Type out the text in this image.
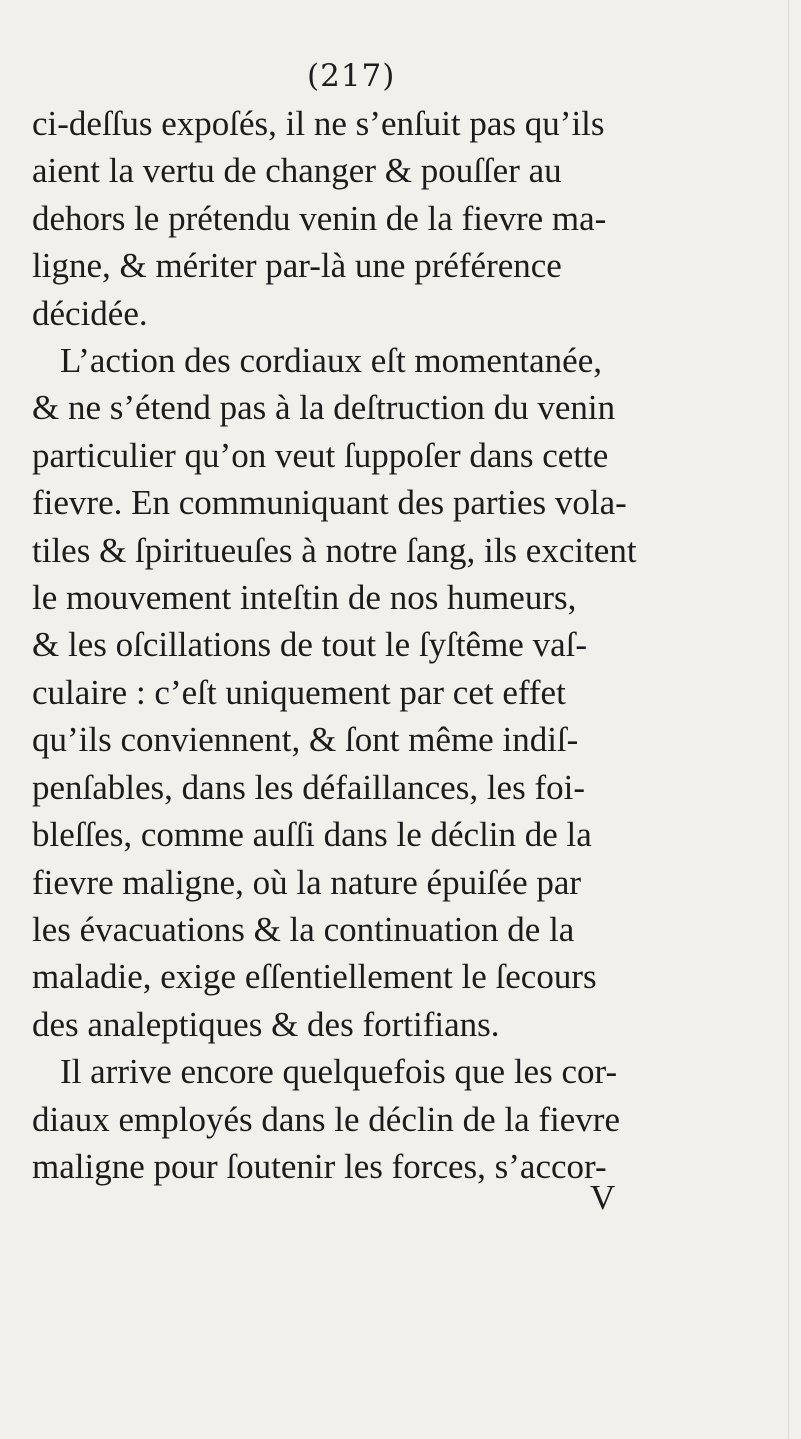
(217)
ci-deſſus expoſés, il ne s’enſuit pas qu’ils
aient la vertu de changer & pouſſer au
dehors le prétendu venin de la fievre ma-
ligne, & mériter par-là une préférence
décidée.
L’action des cordiaux eſt momentanée,
& ne s’étend pas à la deſtruction du venin
particulier qu’on veut ſuppoſer dans cette
fievre. En communiquant des parties vola-
tiles & ſpiritueuſes à notre ſang, ils excitent
le mouvement inteſtin de nos humeurs,
& les oſcillations de tout le ſyſtême vaſ-
culaire : c’eſt uniquement par cet effet
qu’ils conviennent, & ſont même indiſ-
penſables, dans les défaillances, les foi-
bleſſes, comme auſſi dans le déclin de la
fievre maligne, où la nature épuiſée par
les évacuations & la continuation de la
maladie, exige eſſentiellement le ſecours
des analeptiques & des fortifians.
Il arrive encore quelquefois que les cor-
diaux employés dans le déclin de la fievre
maligne pour ſoutenir les forces, s’accor-
V
